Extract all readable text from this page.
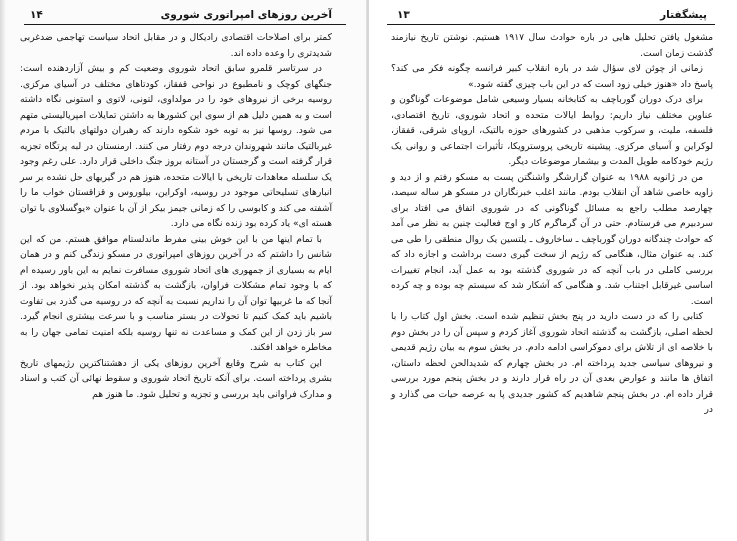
آخرین روزهای امپراتوری شوروی
۱۴

کمتر برای اصلاحات اقتصادی رادیکال و در مقابل اتحاد سیاست تهاجمی ضدغربی شدیدتری را وعده داده اند.

در سرتاسر قلمرو سابق اتحاد شوروی وضعیت کم و بیش آزاردهنده است: جنگهای کوچک و نامطبوع در نواحی قفقاز، کودتاهای مختلف در آسیای مرکزی. روسیه برخی از نیروهای خود را در مولداوی، لتونی، لاتوی و استونی نگاه داشته است و به همین دلیل هم از سوی این کشورها به داشتن تمایلات امپریالیستی متهم می شود. روسها نیز به توبه خود شکوه دارند که رهبران دولتهای بالتیک با مردم غیربالتیک مانند شهروندان درجه دوم رفتار می کنند. ارمنستان در لبه پرتگاه تجزیه قرار گرفته است و گرجستان در آستانه بروز جنگ داخلی قرار دارد. علی رغم وجود یک سلسله معاهدات تاریخی با ایالات متحده، هنوز هم در گیریهای حل نشده بر سر انبارهای تسلیحاتی موجود در روسیه، اوکراین، بیلوروس و قزاقستان خواب ما را آشفته می کند و کابوسی را که زمانی جیمز بیکر از آن با عنوان «یوگسلاوی با توان هسته ای» یاد کرده بود زنده نگاه می دارد.

با تمام اینها من با این خوش بینی مفرط ماندلستام موافق هستم. من که این شانس را داشتم که در آخرین روزهای امپراتوری در مسکو زندگی کنم و در همان ایام به بسیاری از جمهوری های اتحاد شوروی مسافرت نمایم به این باور رسیده ام که با وجود تمام مشکلات فراوان، بازگشت به گذشته امکان پذیر نخواهد بود. از آنجا که ما غربیها توان آن را نداریم نسبت به آنچه که در روسیه می گذرد بی تفاوت باشیم باید کمک کنیم تا تحولات در بستر مناسب و با سرعت بیشتری انجام گیرد. سر باز زدن از این کمک و مساعدت نه تنها روسیه بلکه امنیت تمامی جهان را به مخاطره خواهد افکند.

این کتاب به شرح وقایع آخرین روزهای یکی از دهشتناکترین رژیمهای تاریخ بشری پرداخته است. برای آنکه تاریخ اتحاد شوروی و سقوط نهائی آن کتب و اسناد و مدارک فراوانی باید بررسی و تجزیه و تحلیل شود. ما هنوز هم

پیشگفتار
۱۳

مشغول یافتن تحلیل هایی در باره حوادث سال ۱۹۱۷ هستیم. نوشتن تاریخ نیازمند گذشت زمان است.

زمانی از چوئن لای سؤال شد در باره انقلاب کبیر فرانسه چگونه فکر می کند؟ پاسخ داد «هنوز خیلی زود است که در این باب چیزی گفته شود.»

برای درک دوران گورباچف به کتابخانه بسیار وسیعی شامل موضوعات گوناگون و عناوین مختلف نیاز داریم: روابط ایالات متحده و اتحاد شوروی، تاریخ اقتصادی، فلسفه، ملیت، و سرکوب مذهبی در کشورهای حوزه بالتیک، اروپای شرقی، قفقاز، لوکراین و آسیای مرکزی. پیشینه تاریخی پروسترویکا، تأثیرات اجتماعی و روانی یک رژیم خودکامه طویل المدت و بیشمار موضوعات دیگر.

من در ژانویه ۱۹۸۸ به عنوان گزارشگر واشنگتن پست به مسکو رفتم و از دید و زاویه خاصی شاهد آن انقلاب بودم. مانند اغلب خبرنگاران در مسکو هر ساله سیصد، چهارصد مطلب راجع به مسائل گوناگونی که در شوروی اتفاق می افتاد برای سردبیرم می فرستادم. حتی در آن گرماگرم کار و اوج فعالیت چنین به نظر می آمد که حوادث چندگانه دوران گورباچف ـ ساخاروف ـ یلتسین یک روال منطقی را طی می کند. به عنوان مثال، هنگامی که رژیم از سخت گیری دست برداشت و اجازه داد که بررسی کاملی در باب آنچه که در شوروی گذشته بود به عمل آید، انجام تغییرات اساسی غیرقابل اجتناب شد. و هنگامی که آشکار شد که سیستم چه بوده و چه کرده است.

کتابی را که در دست دارید در پنج بخش تنظیم شده است. بخش اول کتاب را با لحظه اصلی، بازگشت به گذشته اتحاد شوروی آغاز کردم و سپس آن را در بخش دوم با خلاصه ای از تلاش برای دموکراسی ادامه دادم. در بخش سوم به بیان رژیم قدیمی و نیروهای سیاسی جدید پرداخته ام. در بخش چهارم که شدیدالحن لحظه داستان، اتفاق ها مانند و عوارض بعدی آن در راه قرار دارند و در بخش پنجم مورد بررسی قرار داده ام. در بخش پنجم شاهدیم که کشور جدیدی پا به عرصه حیات می گذارد و در
